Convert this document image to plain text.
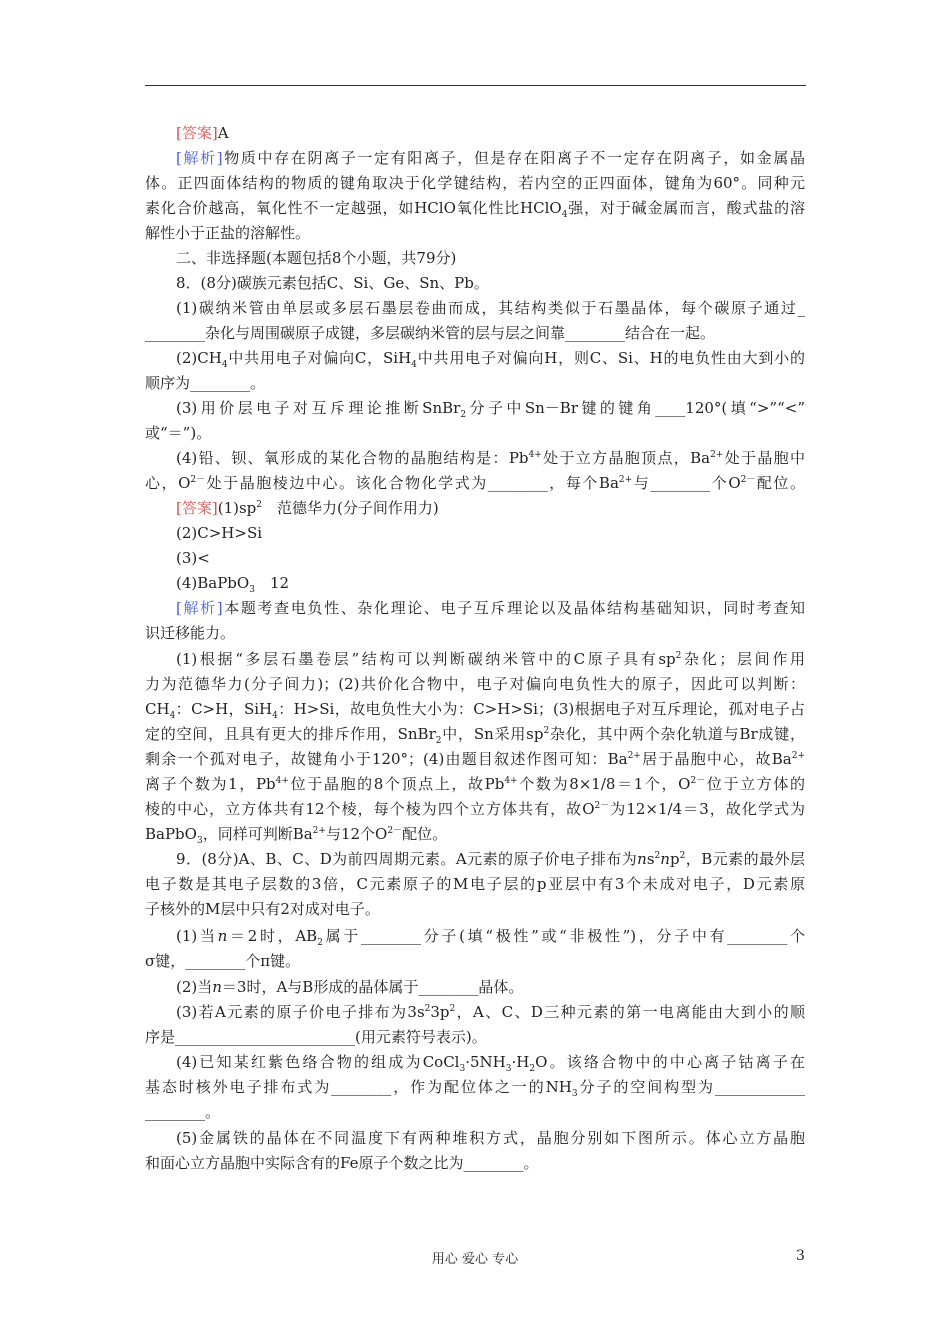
[答案]A
[解析]物质中存在阴离子一定有阳离子，但是存在阳离子不一定存在阴离子，如金属晶
体。正四面体结构的物质的键角取决于化学键结构，若内空的正四面体，键角为60°。同种元
素化合价越高，氧化性不一定越强，如HClO氧化性比HClO$_4$强，对于碱金属而言，酸式盐的溶
解性小于正盐的溶解性。
二、非选择题(本题包括8个小题，共79分)
8．(8分)碳族元素包括C、Si、Ge、Sn、Pb。
(1)碳纳米管由单层或多层石墨层卷曲而成，其结构类似于石墨晶体，每个碳原子通过_
________杂化与周围碳原子成键，多层碳纳米管的层与层之间靠________结合在一起。
$(2)CH_4$中共用电子对偏向C，SiH$_4$中共用电子对偏向H，则C、Si、H的电负性由大到小的
顺序为________。
(3)用价层电子对互斥理论推断SnBr$_2$分子中Sn－Br键的键角____120°(填“>”“<”
或“＝”)。
(4)铅、钡、氧形成的某化合物的晶胞结构是：$Pb^{4+}$处于立方晶胞顶点，$Ba^{2+}$处于晶胞中
心，$O^{2-}$处于晶胞棱边中心。该化合物化学式为________，每个$Ba^{2+}$与________个$O^{2-}$配位。
[答案]$(1)sp^2$　范德华力(分子间作用力)
(2)C>H>Si
(3)<
(4)BaPbO$_3$　12
[解析]本题考查电负性、杂化理论、电子互斥理论以及晶体结构基础知识，同时考查知
识迁移能力。
(1)根据“多层石墨卷层”结构可以判断碳纳米管中的C原子具有$sp^2$杂化；层间作用
力为范德华力(分子间力)；(2)共价化合物中，电子对偏向电负性大的原子，因此可以判断：
$CH_4$：C>H，SiH$_4$：H>Si，故电负性大小为：C>H>Si；(3)根据电子对互斥理论，孤对电子占
定的空间，且具有更大的排斥作用，SnBr$_2$中，Sn采用$sp^2$杂化，其中两个杂化轨道与Br成键，
剩余一个孤对电子，故键角小于120°；(4)由题目叙述作图可知：$Ba^{2+}$居于晶胞中心，故$Ba^{2+}$
离子个数为1，$Pb^{4+}$位于晶胞的8个顶点上，故$Pb^{4+}$个数为8×1/8＝1个，$O^{2-}$位于立方体的
棱的中心，立方体共有12个棱，每个棱为四个立方体共有，故$O^{2-}$为12×1/4＝3，故化学式为
BaPbO$_3$，同样可判断$Ba^{2+}$与12个$O^{2-}$配位。
9．(8分)A、B、C、D为前四周期元素。A元素的原子价电子排布为$ns^2np^2$，B元素的最外层
电子数是其电子层数的3倍，C元素原子的M电子层的p亚层中有3个未成对电子，D元素原
子核外的M层中只有2对成对电子。
(1)当n＝2时，$AB_2$属于________分子(填“极性”或“非极性”)，分子中有________个
σ键，________个π键。
(2)当n＝3时，A与B形成的晶体属于________晶体。
(3)若A元素的原子价电子排布为$3s^23p^2$，A、C、D三种元素的第一电离能由大到小的顺
序是________________________(用元素符号表示)。
(4)已知某红紫色络合物的组成为$CoCl_3\cdot 5NH_3\cdot H_2O$。该络合物中的中心离子钴离子在
基态时核外电子排布式为________，作为配位体之一的$NH_3$分子的空间构型为____________
________。
(5)金属铁的晶体在不同温度下有两种堆积方式，晶胞分别如下图所示。体心立方晶胞
和面心立方晶胞中实际含有的Fe原子个数之比为________。
用心 爱心 专心	3
